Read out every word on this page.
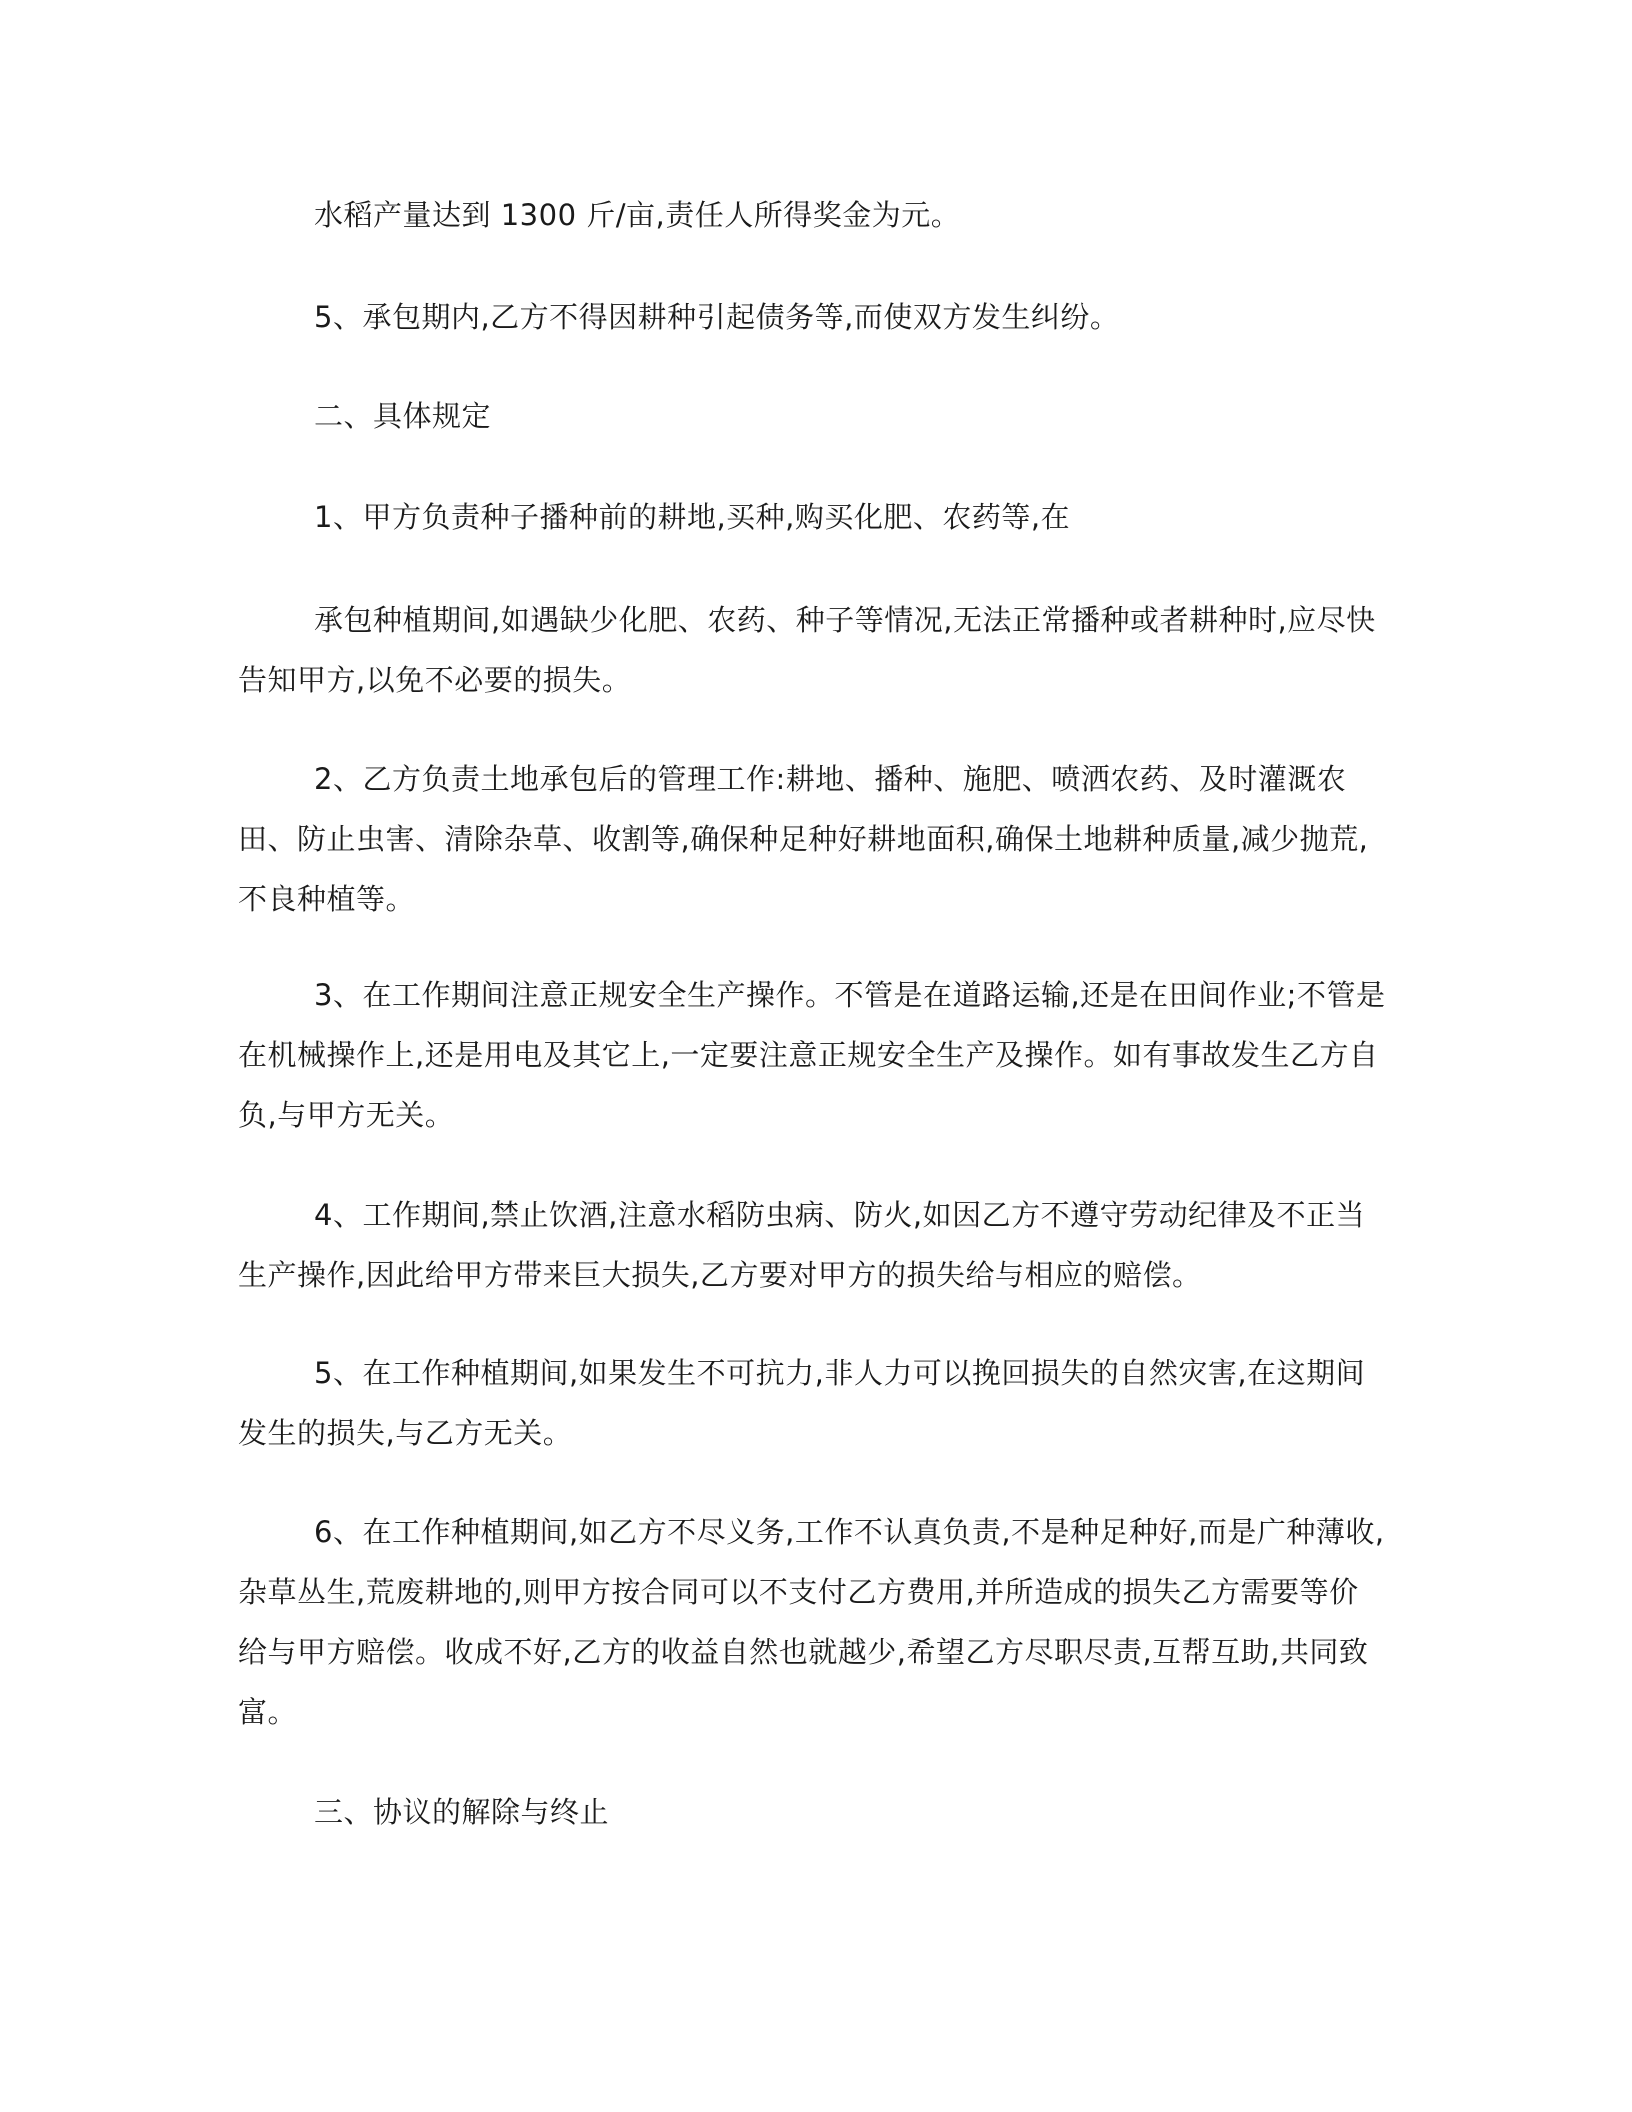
水稻产量达到 1300 斤/亩,责任人所得奖金为元。

5、承包期内,乙方不得因耕种引起债务等,而使双方发生纠纷。

二、具体规定

1、甲方负责种子播种前的耕地,买种,购买化肥、农药等,在

承包种植期间,如遇缺少化肥、农药、种子等情况,无法正常播种或者耕种时,应尽快告知甲方,以免不必要的损失。

2、乙方负责土地承包后的管理工作:耕地、播种、施肥、喷洒农药、及时灌溉农田、防止虫害、清除杂草、收割等,确保种足种好耕地面积,确保土地耕种质量,减少抛荒,不良种植等。

3、在工作期间注意正规安全生产操作。不管是在道路运输,还是在田间作业;不管是在机械操作上,还是用电及其它上,一定要注意正规安全生产及操作。如有事故发生乙方自负,与甲方无关。

4、工作期间,禁止饮酒,注意水稻防虫病、防火,如因乙方不遵守劳动纪律及不正当生产操作,因此给甲方带来巨大损失,乙方要对甲方的损失给与相应的赔偿。

5、在工作种植期间,如果发生不可抗力,非人力可以挽回损失的自然灾害,在这期间发生的损失,与乙方无关。

6、在工作种植期间,如乙方不尽义务,工作不认真负责,不是种足种好,而是广种薄收,杂草丛生,荒废耕地的,则甲方按合同可以不支付乙方费用,并所造成的损失乙方需要等价给与甲方赔偿。收成不好,乙方的收益自然也就越少,希望乙方尽职尽责,互帮互助,共同致富。

三、协议的解除与终止
